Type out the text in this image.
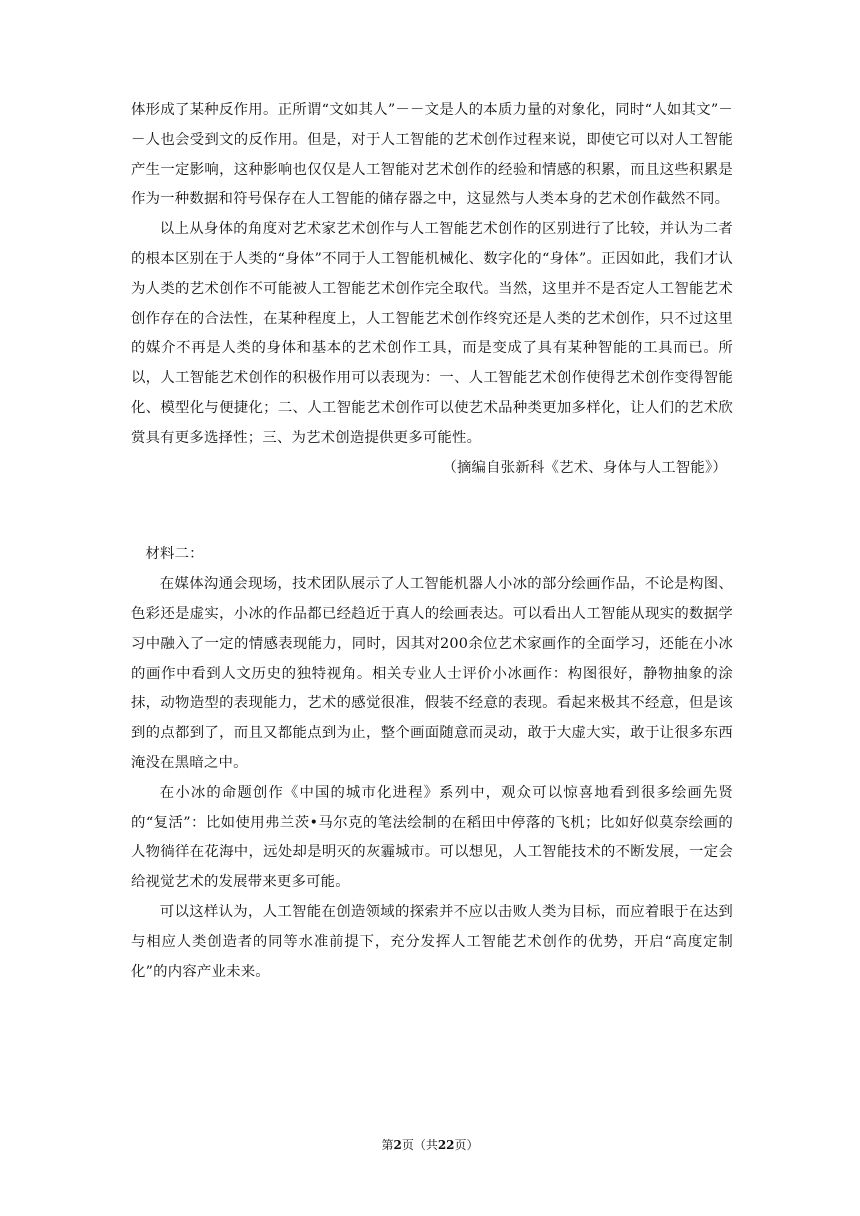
体形成了某种反作用。正所谓“文如其人”－－文是人的本质力量的对象化，同时“人如其文”－－人也会受到文的反作用。但是，对于人工智能的艺术创作过程来说，即使它可以对人工智能产生一定影响，这种影响也仅仅是人工智能对艺术创作的经验和情感的积累，而且这些积累是作为一种数据和符号保存在人工智能的储存器之中，这显然与人类本身的艺术创作截然不同。

以上从身体的角度对艺术家艺术创作与人工智能艺术创作的区别进行了比较，并认为二者的根本区别在于人类的“身体”不同于人工智能机械化、数字化的“身体”。正因如此，我们才认为人类的艺术创作不可能被人工智能艺术创作完全取代。当然，这里并不是否定人工智能艺术创作存在的合法性，在某种程度上，人工智能艺术创作终究还是人类的艺术创作，只不过这里的媒介不再是人类的身体和基本的艺术创作工具，而是变成了具有某种智能的工具而已。所以，人工智能艺术创作的积极作用可以表现为：一、人工智能艺术创作使得艺术创作变得智能化、模型化与便捷化；二、人工智能艺术创作可以使艺术品种类更加多样化，让人们的艺术欣赏具有更多选择性；三、为艺术创造提供更多可能性。

（摘编自张新科《艺术、身体与人工智能》）

材料二：

在媒体沟通会现场，技术团队展示了人工智能机器人小冰的部分绘画作品，不论是构图、色彩还是虚实，小冰的作品都已经趋近于真人的绘画表达。可以看出人工智能从现实的数据学习中融入了一定的情感表现能力，同时，因其对200余位艺术家画作的全面学习，还能在小冰的画作中看到人文历史的独特视角。相关专业人士评价小冰画作：构图很好，静物抽象的涂抹，动物造型的表现能力，艺术的感觉很准，假装不经意的表现。看起来极其不经意，但是该到的点都到了，而且又都能点到为止，整个画面随意而灵动，敢于大虚大实，敢于让很多东西淹没在黑暗之中。

在小冰的命题创作《中国的城市化进程》系列中，观众可以惊喜地看到很多绘画先贤的“复活”：比如使用弗兰茨•马尔克的笔法绘制的在稻田中停落的飞机；比如好似莫奈绘画的人物徜徉在花海中，远处却是明灭的灰霾城市。可以想见，人工智能技术的不断发展，一定会给视觉艺术的发展带来更多可能。

可以这样认为，人工智能在创造领域的探索并不应以击败人类为目标，而应着眼于在达到与相应人类创造者的同等水准前提下，充分发挥人工智能艺术创作的优势，开启“高度定制化”的内容产业未来。

第2页（共22页）
